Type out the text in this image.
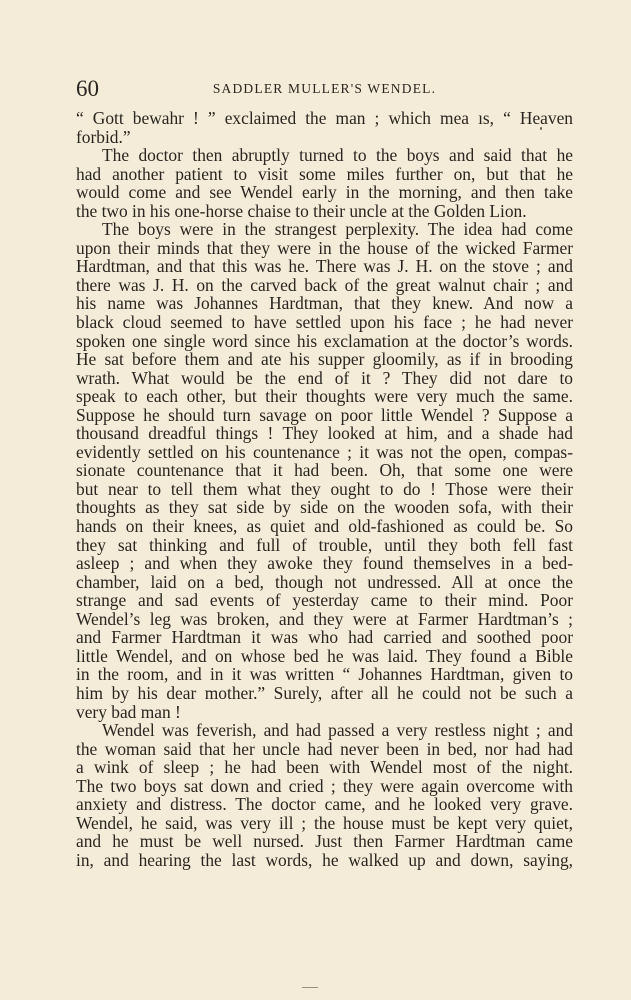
60	SADDLER MULLER'S WENDEL.
“ Gott bewahr ! ” exclaimed the man ; which mea ıs, “ Heaven
forbid.”
The doctor then abruptly turned to the boys and said that he
had another patient to visit some miles further on, but that he
would come and see Wendel early in the morning, and then take
the two in his one-horse chaise to their uncle at the Golden Lion.
The boys were in the strangest perplexity. The idea had come
upon their minds that they were in the house of the wicked Farmer
Hardtman, and that this was he. There was J. H. on the stove ; and
there was J. H. on the carved back of the great walnut chair ; and
his name was Johannes Hardtman, that they knew. And now a
black cloud seemed to have settled upon his face ; he had never
spoken one single word since his exclamation at the doctor’s words.
He sat before them and ate his supper gloomily, as if in brooding
wrath. What would be the end of it ? They did not dare to
speak to each other, but their thoughts were very much the same.
Suppose he should turn savage on poor little Wendel ? Suppose a
thousand dreadful things ! They looked at him, and a shade had
evidently settled on his countenance ; it was not the open, compas-
sionate countenance that it had been. Oh, that some one were
but near to tell them what they ought to do ! Those were their
thoughts as they sat side by side on the wooden sofa, with their
hands on their knees, as quiet and old-fashioned as could be. So
they sat thinking and full of trouble, until they both fell fast
asleep ; and when they awoke they found themselves in a bed-
chamber, laid on a bed, though not undressed. All at once the
strange and sad events of yesterday came to their mind. Poor
Wendel’s leg was broken, and they were at Farmer Hardtman’s ;
and Farmer Hardtman it was who had carried and soothed poor
little Wendel, and on whose bed he was laid. They found a Bible
in the room, and in it was written “ Johannes Hardtman, given to
him by his dear mother.” Surely, after all he could not be such a
very bad man !
Wendel was feverish, and had passed a very restless night ; and
the woman said that her uncle had never been in bed, nor had had
a wink of sleep ; he had been with Wendel most of the night.
The two boys sat down and cried ; they were again overcome with
anxiety and distress. The doctor came, and he looked very grave.
Wendel, he said, was very ill ; the house must be kept very quiet,
and he must be well nursed. Just then Farmer Hardtman came
in, and hearing the last words, he walked up and down, saying,
